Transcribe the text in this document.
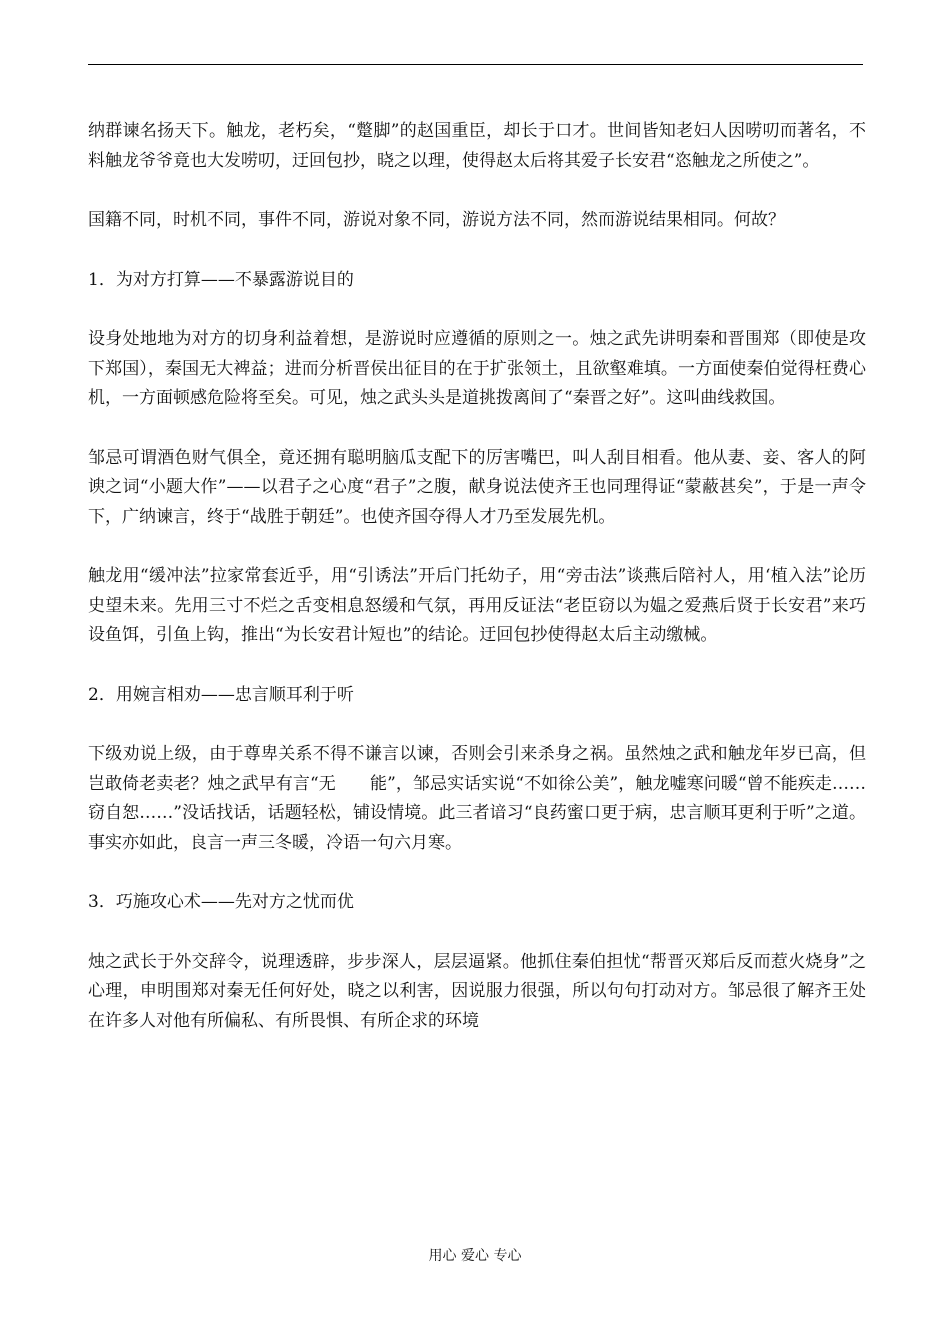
纳群谏名扬天下。触龙，老朽矣，“蹩脚”的赵国重臣，却长于口才。世间皆知老妇人因唠叨而著名，不料触龙爷爷竟也大发唠叨，迂回包抄，晓之以理，使得赵太后将其爱子长安君“恣触龙之所使之”。

国籍不同，时机不同，事件不同，游说对象不同，游说方法不同，然而游说结果相同。何故？

1．为对方打算——不暴露游说目的

设身处地地为对方的切身利益着想，是游说时应遵循的原则之一。烛之武先讲明秦和晋围郑（即使是攻下郑国），秦国无大裨益；进而分析晋侯出征目的在于扩张领土，且欲壑难填。一方面使秦伯觉得枉费心机，一方面顿感危险将至矣。可见，烛之武头头是道挑拨离间了“秦晋之好”。这叫曲线救国。

邹忌可谓酒色财气俱全，竟还拥有聪明脑瓜支配下的厉害嘴巴，叫人刮目相看。他从妻、妾、客人的阿谀之词“小题大作”——以君子之心度“君子”之腹，献身说法使齐王也同理得证“蒙蔽甚矣”，于是一声令下，广纳谏言，终于“战胜于朝廷”。也使齐国夺得人才乃至发展先机。

触龙用“缓冲法”拉家常套近乎，用“引诱法”开后门托幼子，用“旁击法”谈燕后陪衬人，用‘植入法”论历史望未来。先用三寸不烂之舌变相息怒缓和气氛，再用反证法“老臣窃以为媪之爱燕后贤于长安君”来巧设鱼饵，引鱼上钩，推出“为长安君计短也”的结论。迂回包抄使得赵太后主动缴械。

2．用婉言相劝——忠言顺耳利于听

下级劝说上级，由于尊卑关系不得不谦言以谏，否则会引来杀身之祸。虽然烛之武和触龙年岁已高，但岂敢倚老卖老？烛之武早有言“无　　能”，邹忌实话实说“不如徐公美”，触龙嘘寒问暖“曾不能疾走……窃自恕……”没话找话，话题轻松，铺设情境。此三者谙习“良药蜜口更于病，忠言顺耳更利于听”之道。事实亦如此，良言一声三冬暖，冷语一句六月寒。

3．巧施攻心术——先对方之忧而优

烛之武长于外交辞令，说理透辟，步步深人，层层逼紧。他抓住秦伯担忧“帮晋灭郑后反而惹火烧身”之心理，申明围郑对秦无任何好处，晓之以利害，因说服力很强，所以句句打动对方。邹忌很了解齐王处在许多人对他有所偏私、有所畏惧、有所企求的环境

用心 爱心 专心
